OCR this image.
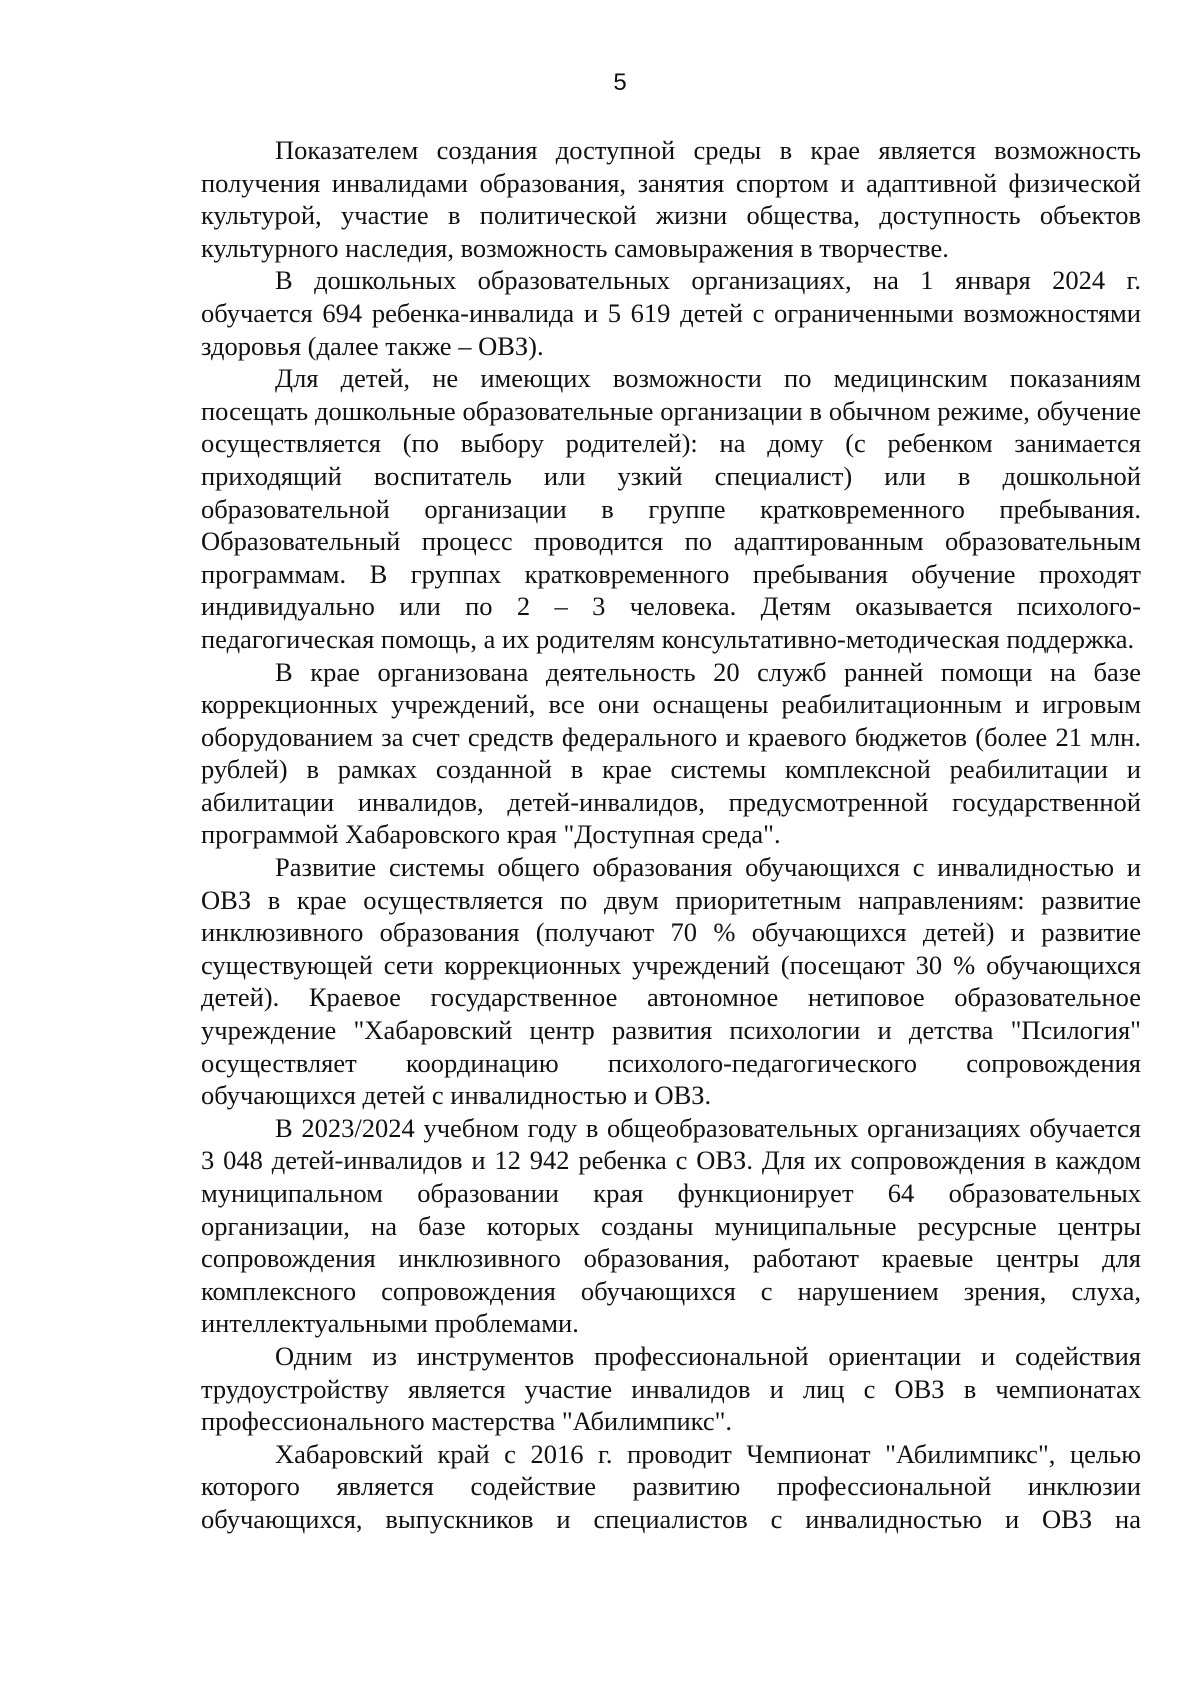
5

Показателем создания доступной среды в крае является возможность получения инвалидами образования, занятия спортом и адаптивной физической культурой, участие в политической жизни общества, доступность объектов культурного наследия, возможность самовыражения в творчестве.

В дошкольных образовательных организациях, на 1 января 2024 г. обучается 694 ребенка-инвалида и 5 619 детей с ограниченными возможностями здоровья (далее также – ОВЗ).

Для детей, не имеющих возможности по медицинским показаниям посещать дошкольные образовательные организации в обычном режиме, обучение осуществляется (по выбору родителей): на дому (с ребенком занимается приходящий воспитатель или узкий специалист) или в дошкольной образовательной организации в группе кратковременного пребывания. Образовательный процесс проводится по адаптированным образовательным программам. В группах кратковременного пребывания обучение проходят индивидуально или по 2 – 3 человека. Детям оказывается психолого-педагогическая помощь, а их родителям консультативно-методическая поддержка.

В крае организована деятельность 20 служб ранней помощи на базе коррекционных учреждений, все они оснащены реабилитационным и игровым оборудованием за счет средств федерального и краевого бюджетов (более 21 млн. рублей) в рамках созданной в крае системы комплексной реабилитации и абилитации инвалидов, детей-инвалидов, предусмотренной государственной программой Хабаровского края "Доступная среда".

Развитие системы общего образования обучающихся с инвалидностью и ОВЗ в крае осуществляется по двум приоритетным направлениям: развитие инклюзивного образования (получают 70 % обучающихся детей) и развитие существующей сети коррекционных учреждений (посещают 30 % обучающихся детей). Краевое государственное автономное нетиповое образовательное учреждение "Хабаровский центр развития психологии и детства "Псилогия" осуществляет координацию психолого-педагогического сопровождения обучающихся детей с инвалидностью и ОВЗ.

В 2023/2024 учебном году в общеобразовательных организациях обучается 3 048 детей-инвалидов и 12 942 ребенка с ОВЗ. Для их сопровождения в каждом муниципальном образовании края функционирует 64 образовательных организации, на базе которых созданы муниципальные ресурсные центры сопровождения инклюзивного образования, работают краевые центры для комплексного сопровождения обучающихся с нарушением зрения, слуха, интеллектуальными проблемами.

Одним из инструментов профессиональной ориентации и содействия трудоустройству является участие инвалидов и лиц с ОВЗ в чемпионатах профессионального мастерства "Абилимпикс".

Хабаровский край с 2016 г. проводит Чемпионат "Абилимпикс", целью которого является содействие развитию профессиональной инклюзии обучающихся, выпускников и специалистов с инвалидностью и ОВЗ на
